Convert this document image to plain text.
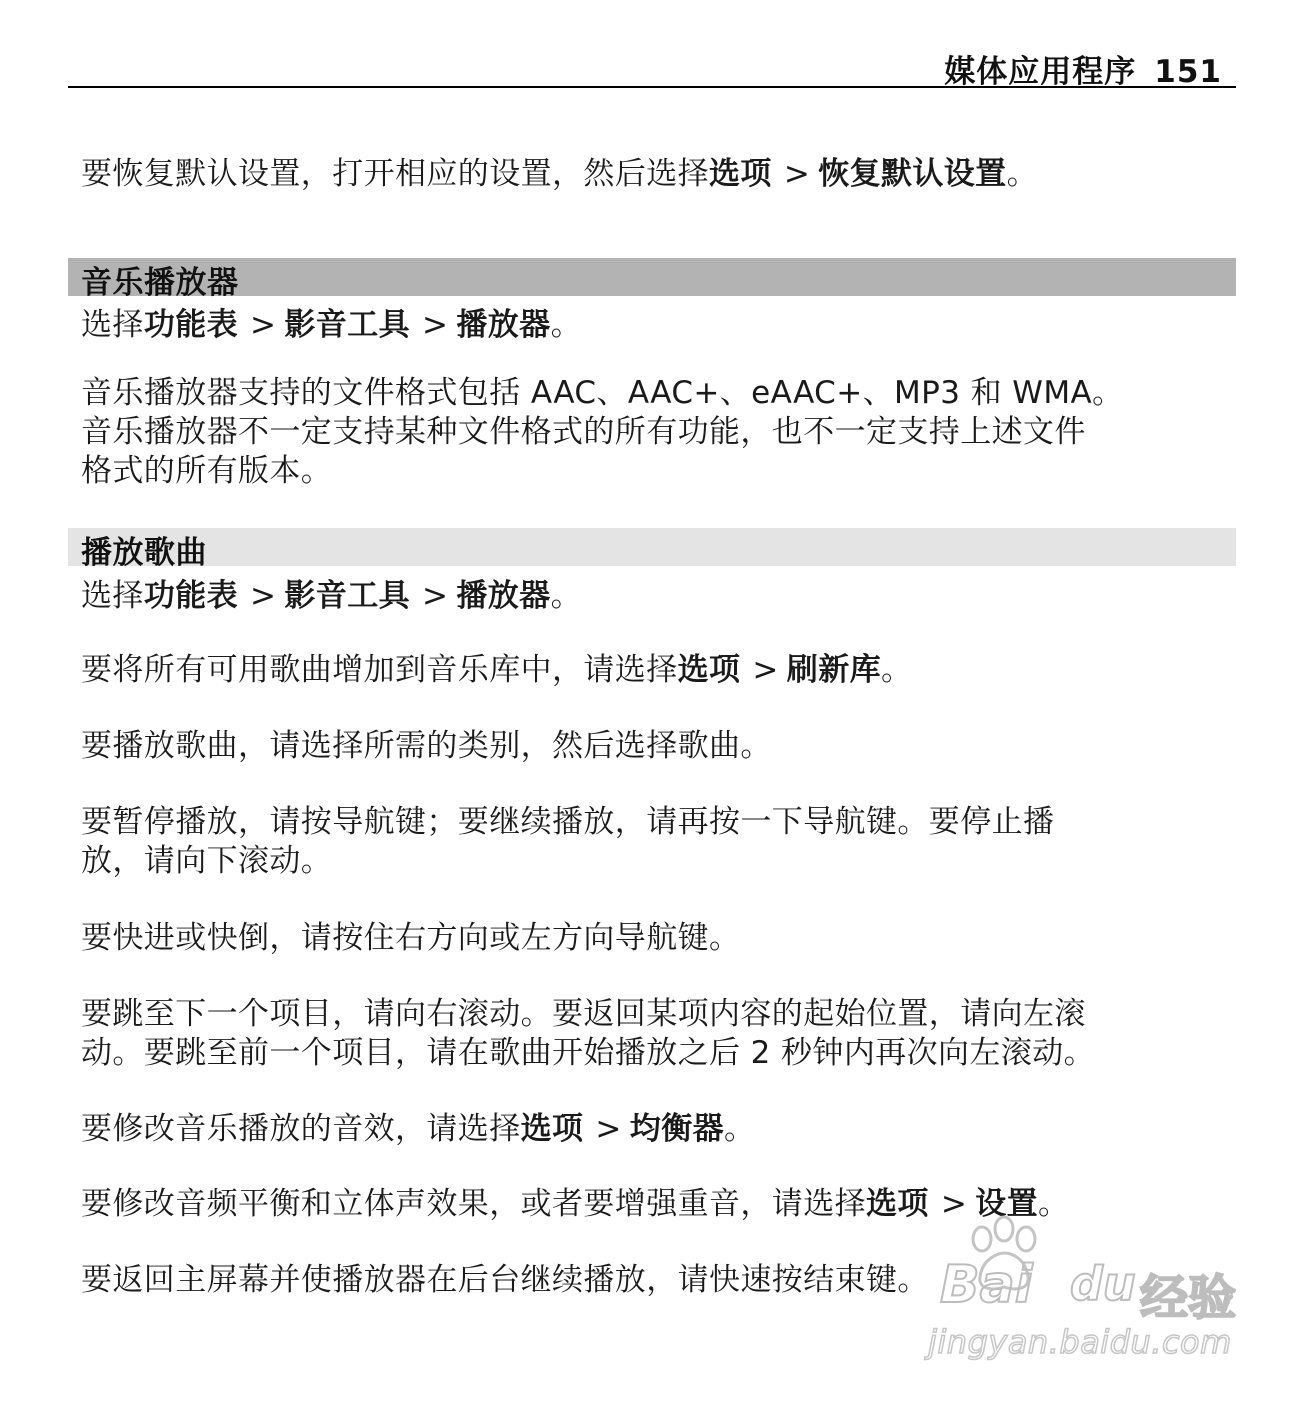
媒体应用程序 151
要恢复默认设置，打开相应的设置，然后选择选项 > 恢复默认设置。
音乐播放器
选择功能表 > 影音工具 > 播放器。
音乐播放器支持的文件格式包括 AAC、AAC+、eAAC+、MP3 和 WMA。
音乐播放器不一定支持某种文件格式的所有功能，也不一定支持上述文件
格式的所有版本。
播放歌曲
选择功能表 > 影音工具 > 播放器。
要将所有可用歌曲增加到音乐库中，请选择选项 > 刷新库。
要播放歌曲，请选择所需的类别，然后选择歌曲。
要暂停播放，请按导航键；要继续播放，请再按一下导航键。要停止播
放，请向下滚动。
要快进或快倒，请按住右方向或左方向导航键。
要跳至下一个项目，请向右滚动。要返回某项内容的起始位置，请向左滚
动。要跳至前一个项目，请在歌曲开始播放之后 2 秒钟内再次向左滚动。
要修改音乐播放的音效，请选择选项 > 均衡器。
要修改音频平衡和立体声效果，或者要增强重音，请选择选项 > 设置。
要返回主屏幕并使播放器在后台继续播放，请快速按结束键。 Bai du 经验
jingyan.baidu.com
